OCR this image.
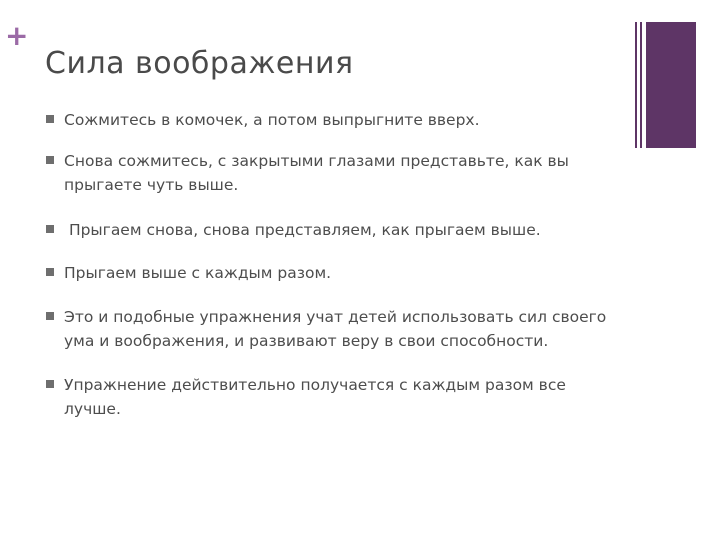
+
Сила воображения
Сожмитесь в комочек, а потом выпрыгните вверх.
Снова сожмитесь, с закрытыми глазами представьте, как вы прыгаете чуть выше.
Прыгаем снова, снова представляем, как прыгаем выше.
Прыгаем выше с каждым разом.
Это и подобные упражнения учат детей использовать сил своего ума и воображения, и развивают веру в свои способности.
Упражнение действительно получается с каждым разом все лучше.
